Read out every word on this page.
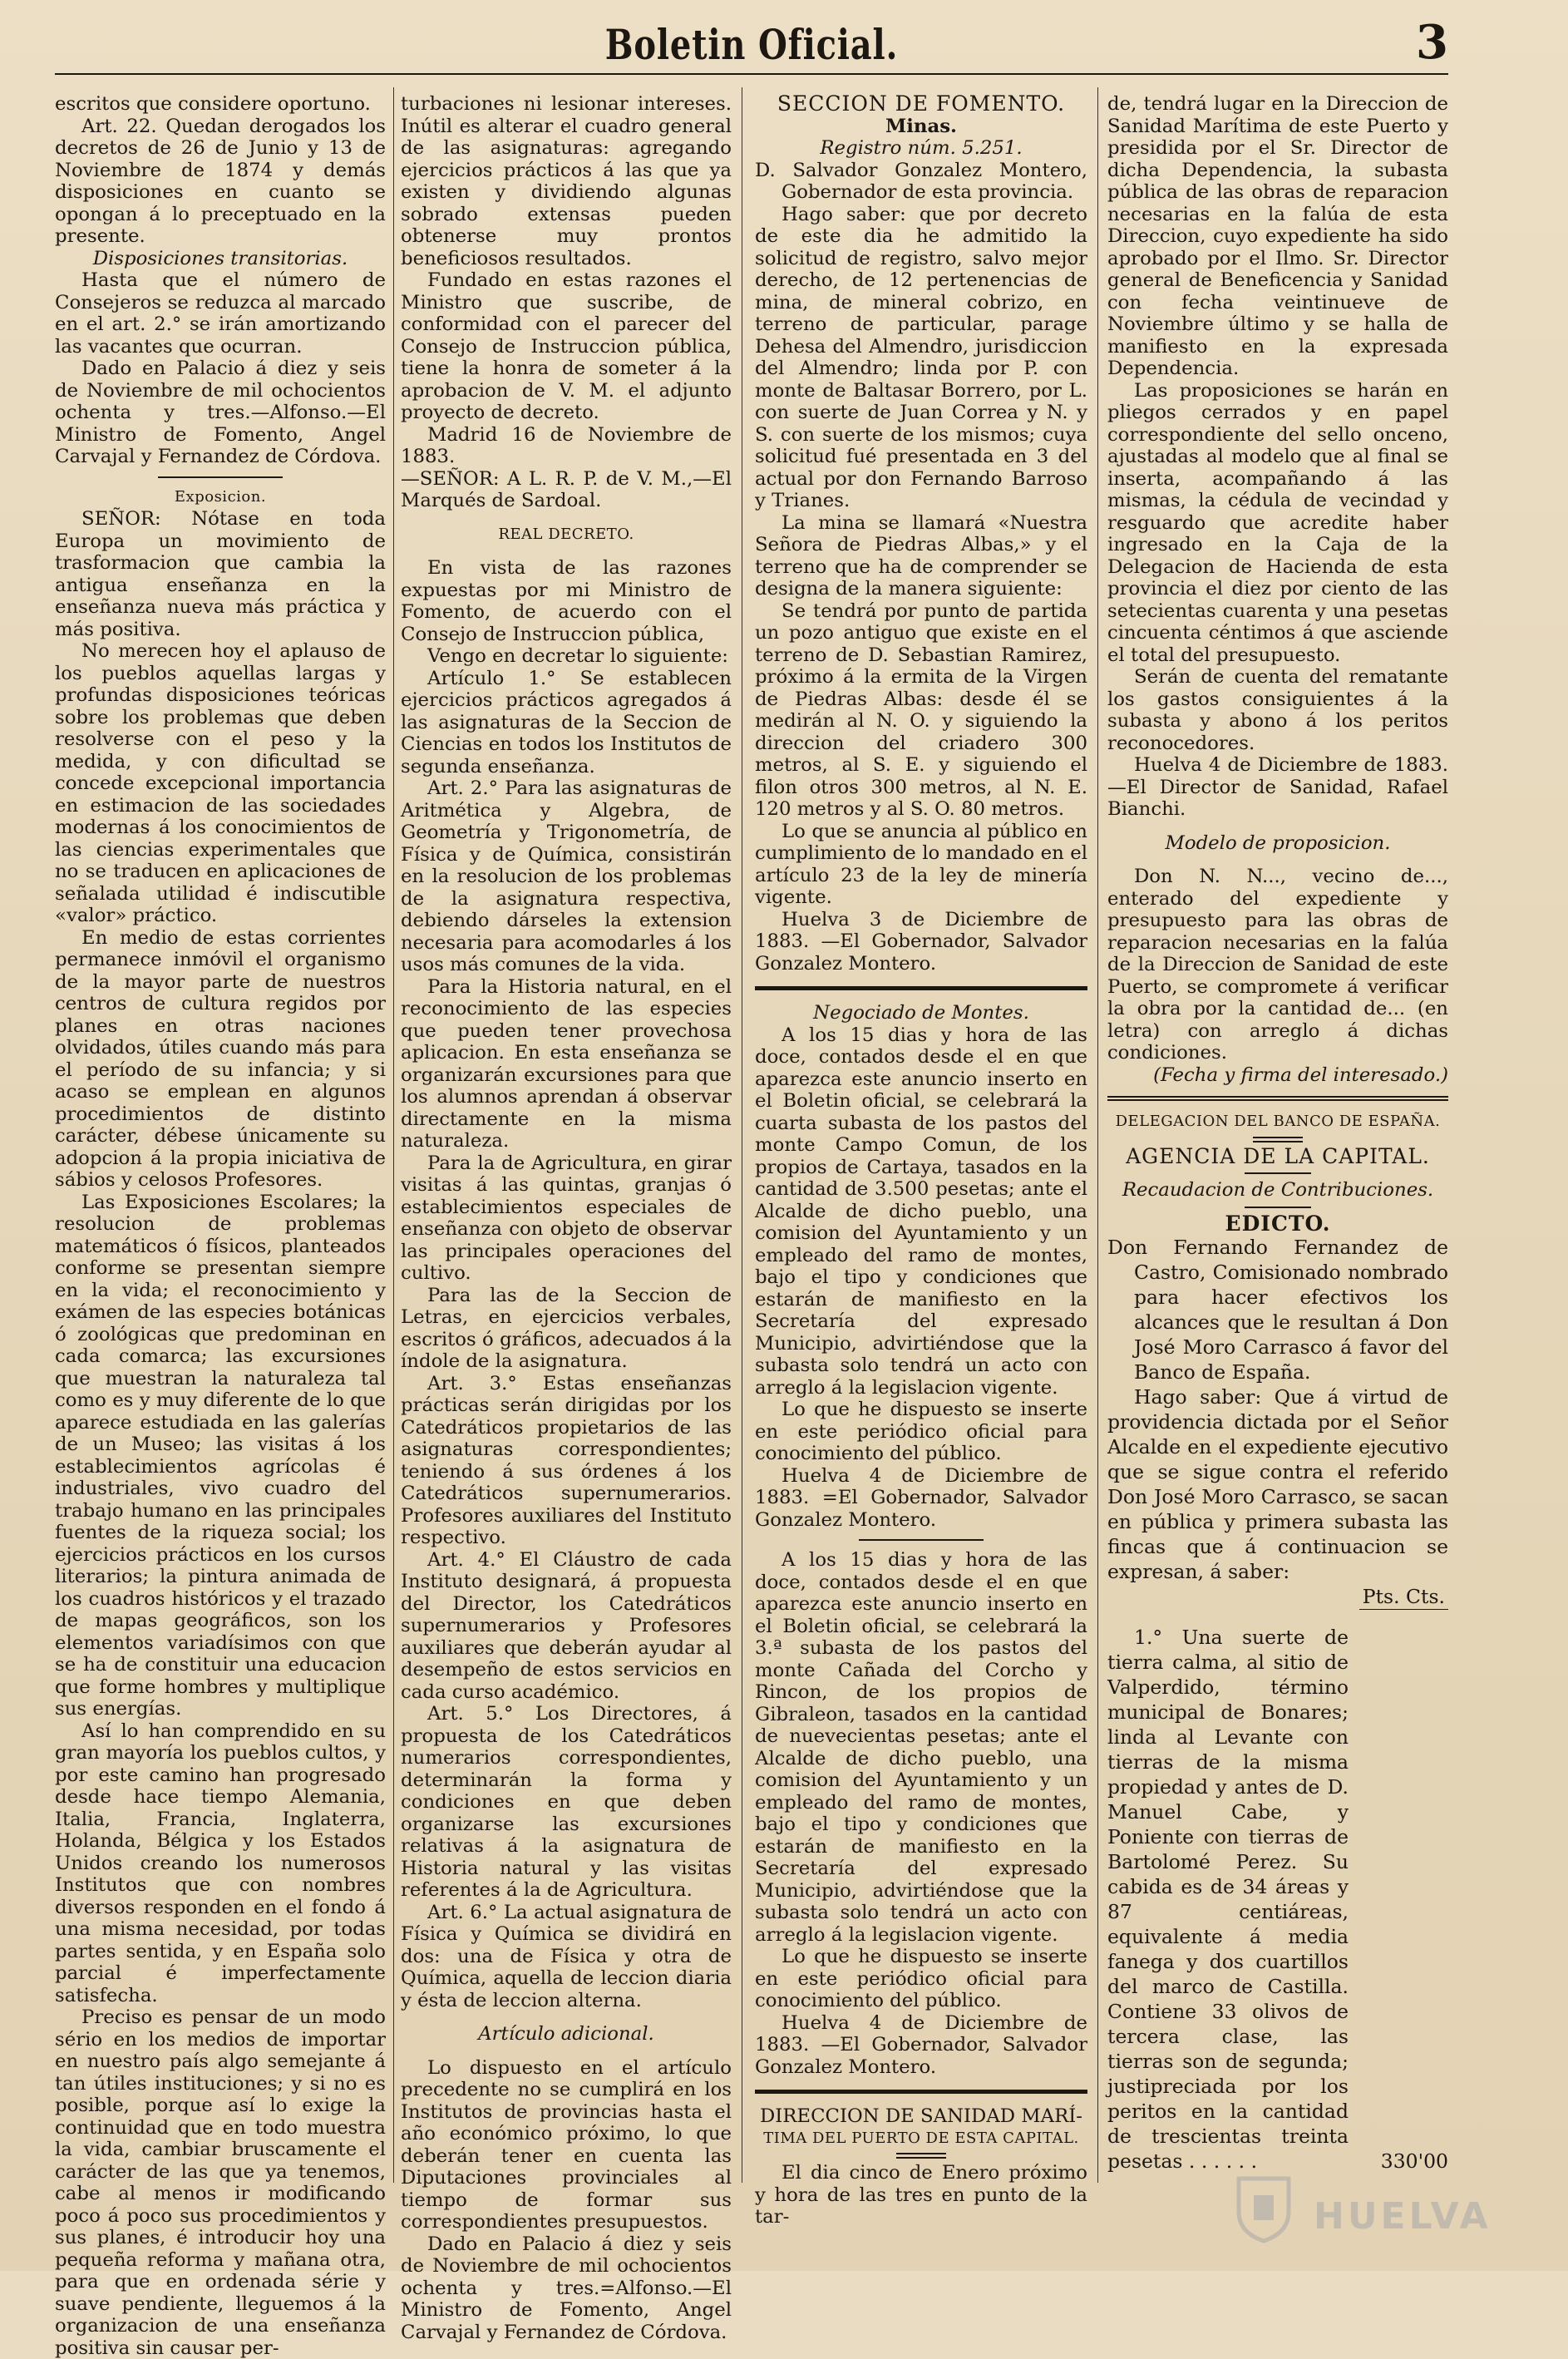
Boletin Oficial.	3

escritos que considere oportuno.

Art. 22. Quedan derogados los decretos de 26 de Junio y 13 de Noviembre de 1874 y demás disposiciones en cuanto se opongan á lo preceptuado en la presente.

Disposiciones transitorias.

Hasta que el número de Consejeros se reduzca al marcado en el art. 2.° se irán amortizando las vacantes que ocurran.

Dado en Palacio á diez y seis de Noviembre de mil ochocientos ochenta y tres.—Alfonso.—El Ministro de Fomento, Angel Carvajal y Fernandez de Córdova.

Exposicion.

SEÑOR: Nótase en toda Europa un movimiento de trasformacion que cambia la antigua enseñanza en la enseñanza nueva más práctica y más positiva.

No merecen hoy el aplauso de los pueblos aquellas largas y profundas disposiciones teóricas sobre los problemas que deben resolverse con el peso y la medida, y con dificultad se concede excepcional importancia en estimacion de las sociedades modernas á los conocimientos de las ciencias experimentales que no se traducen en aplicaciones de señalada utilidad é indiscutible «valor» práctico.

En medio de estas corrientes permanece inmóvil el organismo de la mayor parte de nuestros centros de cultura regidos por planes en otras naciones olvidados, útiles cuando más para el período de su infancia; y si acaso se emplean en algunos procedimientos de distinto carácter, débese únicamente su adopcion á la propia iniciativa de sábios y celosos Profesores.

Las Exposiciones Escolares; la resolucion de problemas matemáticos ó físicos, planteados conforme se presentan siempre en la vida; el reconocimiento y exámen de las especies botánicas ó zoológicas que predominan en cada comarca; las excursiones que muestran la naturaleza tal como es y muy diferente de lo que aparece estudiada en las galerías de un Museo; las visitas á los establecimientos agrícolas é industriales, vivo cuadro del trabajo humano en las principales fuentes de la riqueza social; los ejercicios prácticos en los cursos literarios; la pintura animada de los cuadros históricos y el trazado de mapas geográficos, son los elementos variadísimos con que se ha de constituir una educacion que forme hombres y multiplique sus energías.

Así lo han comprendido en su gran mayoría los pueblos cultos, y por este camino han progresado desde hace tiempo Alemania, Italia, Francia, Inglaterra, Holanda, Bélgica y los Estados Unidos creando los numerosos Institutos que con nombres diversos responden en el fondo á una misma necesidad, por todas partes sentida, y en España solo parcial é imperfectamente satisfecha.

Preciso es pensar de un modo sério en los medios de importar en nuestro país algo semejante á tan útiles instituciones; y si no es posible, porque así lo exige la continuidad que en todo muestra la vida, cambiar bruscamente el carácter de las que ya tenemos, cabe al menos ir modificando poco á poco sus procedimientos y sus planes, é introducir hoy una pequeña reforma y mañana otra, para que en ordenada série y suave pendiente, lleguemos á la organizacion de una enseñanza positiva sin causar per-

turbaciones ni lesionar intereses. Inútil es alterar el cuadro general de las asignaturas: agregando ejercicios prácticos á las que ya existen y dividiendo algunas sobrado extensas pueden obtenerse muy prontos beneficiosos resultados.

Fundado en estas razones el Ministro que suscribe, de conformidad con el parecer del Consejo de Instruccion pública, tiene la honra de someter á la aprobacion de V. M. el adjunto proyecto de decreto.

Madrid 16 de Noviembre de 1883.

—SEÑOR: A L. R. P. de V. M.,—El Marqués de Sardoal.

REAL DECRETO.

En vista de las razones expuestas por mi Ministro de Fomento, de acuerdo con el Consejo de Instruccion pública,

Vengo en decretar lo siguiente:

Artículo 1.° Se establecen ejercicios prácticos agregados á las asignaturas de la Seccion de Ciencias en todos los Institutos de segunda enseñanza.

Art. 2.° Para las asignaturas de Aritmética y Algebra, de Geometría y Trigonometría, de Física y de Química, consistirán en la resolucion de los problemas de la asignatura respectiva, debiendo dárseles la extension necesaria para acomodarles á los usos más comunes de la vida.

Para la Historia natural, en el reconocimiento de las especies que pueden tener provechosa aplicacion. En esta enseñanza se organizarán excursiones para que los alumnos aprendan á observar directamente en la misma naturaleza.

Para la de Agricultura, en girar visitas á las quintas, granjas ó establecimientos especiales de enseñanza con objeto de observar las principales operaciones del cultivo.

Para las de la Seccion de Letras, en ejercicios verbales, escritos ó gráficos, adecuados á la índole de la asignatura.

Art. 3.° Estas enseñanzas prácticas serán dirigidas por los Catedráticos propietarios de las asignaturas correspondientes; teniendo á sus órdenes á los Catedráticos supernumerarios. Profesores auxiliares del Instituto respectivo.

Art. 4.° El Cláustro de cada Instituto designará, á propuesta del Director, los Catedráticos supernumerarios y Profesores auxiliares que deberán ayudar al desempeño de estos servicios en cada curso académico.

Art. 5.° Los Directores, á propuesta de los Catedráticos numerarios correspondientes, determinarán la forma y condiciones en que deben organizarse las excursiones relativas á la asignatura de Historia natural y las visitas referentes á la de Agricultura.

Art. 6.° La actual asignatura de Física y Química se dividirá en dos: una de Física y otra de Química, aquella de leccion diaria y ésta de leccion alterna.

Artículo adicional.

Lo dispuesto en el artículo precedente no se cumplirá en los Institutos de provincias hasta el año económico próximo, lo que deberán tener en cuenta las Diputaciones provinciales al tiempo de formar sus correspondientes presupuestos.

Dado en Palacio á diez y seis de Noviembre de mil ochocientos ochenta y tres.=Alfonso.—El Ministro de Fomento, Angel Carvajal y Fernandez de Córdova.

SECCION DE FOMENTO.

Minas.

Registro núm. 5.251.

D. Salvador Gonzalez Montero, Gobernador de esta provincia.

Hago saber: que por decreto de este dia he admitido la solicitud de registro, salvo mejor derecho, de 12 pertenencias de mina, de mineral cobrizo, en terreno de particular, parage Dehesa del Almendro, jurisdiccion del Almendro; linda por P. con monte de Baltasar Borrero, por L. con suerte de Juan Correa y N. y S. con suerte de los mismos; cuya solicitud fué presentada en 3 del actual por don Fernando Barroso y Trianes.

La mina se llamará «Nuestra Señora de Piedras Albas,» y el terreno que ha de comprender se designa de la manera siguiente:

Se tendrá por punto de partida un pozo antiguo que existe en el terreno de D. Sebastian Ramirez, próximo á la ermita de la Virgen de Piedras Albas: desde él se medirán al N. O. y siguiendo la direccion del criadero 300 metros, al S. E. y siguiendo el filon otros 300 metros, al N. E. 120 metros y al S. O. 80 metros.

Lo que se anuncia al público en cumplimiento de lo mandado en el artículo 23 de la ley de minería vigente.

Huelva 3 de Diciembre de 1883. —El Gobernador, Salvador Gonzalez Montero.

Negociado de Montes.

A los 15 dias y hora de las doce, contados desde el en que aparezca este anuncio inserto en el Boletin oficial, se celebrará la cuarta subasta de los pastos del monte Campo Comun, de los propios de Cartaya, tasados en la cantidad de 3.500 pesetas; ante el Alcalde de dicho pueblo, una comision del Ayuntamiento y un empleado del ramo de montes, bajo el tipo y condiciones que estarán de manifiesto en la Secretaría del expresado Municipio, advirtiéndose que la subasta solo tendrá un acto con arreglo á la legislacion vigente.

Lo que he dispuesto se inserte en este periódico oficial para conocimiento del público.

Huelva 4 de Diciembre de 1883. =El Gobernador, Salvador Gonzalez Montero.

A los 15 dias y hora de las doce, contados desde el en que aparezca este anuncio inserto en el Boletin oficial, se celebrará la 3.ª subasta de los pastos del monte Cañada del Corcho y Rincon, de los propios de Gibraleon, tasados en la cantidad de nuevecientas pesetas; ante el Alcalde de dicho pueblo, una comision del Ayuntamiento y un empleado del ramo de montes, bajo el tipo y condiciones que estarán de manifiesto en la Secretaría del expresado Municipio, advirtiéndose que la subasta solo tendrá un acto con arreglo á la legislacion vigente.

Lo que he dispuesto se inserte en este periódico oficial para conocimiento del público.

Huelva 4 de Diciembre de 1883. —El Gobernador, Salvador Gonzalez Montero.

DIRECCION DE SANIDAD MARÍ-

TIMA DEL PUERTO DE ESTA CAPITAL.

El dia cinco de Enero próximo y hora de las tres en punto de la tar-

de, tendrá lugar en la Direccion de Sanidad Marítima de este Puerto y presidida por el Sr. Director de dicha Dependencia, la subasta pública de las obras de reparacion necesarias en la falúa de esta Direccion, cuyo expediente ha sido aprobado por el Ilmo. Sr. Director general de Beneficencia y Sanidad con fecha veintinueve de Noviembre último y se halla de manifiesto en la expresada Dependencia.

Las proposiciones se harán en pliegos cerrados y en papel correspondiente del sello onceno, ajustadas al modelo que al final se inserta, acompañando á las mismas, la cédula de vecindad y resguardo que acredite haber ingresado en la Caja de la Delegacion de Hacienda de esta provincia el diez por ciento de las setecientas cuarenta y una pesetas cincuenta céntimos á que asciende el total del presupuesto.

Serán de cuenta del rematante los gastos consiguientes á la subasta y abono á los peritos reconocedores.

Huelva 4 de Diciembre de 1883. —El Director de Sanidad, Rafael Bianchi.

Modelo de proposicion.

Don N. N..., vecino de..., enterado del expediente y presupuesto para las obras de reparacion necesarias en la falúa de la Direccion de Sanidad de este Puerto, se compromete á verificar la obra por la cantidad de... (en letra) con arreglo á dichas condiciones.

(Fecha y firma del interesado.)

DELEGACION DEL BANCO DE ESPAÑA.

AGENCIA DE LA CAPITAL.

Recaudacion de Contribuciones.

EDICTO.

Don Fernando Fernandez de Castro, Comisionado nombrado para hacer efectivos los alcances que le resultan á Don José Moro Carrasco á favor del Banco de España.

Hago saber: Que á virtud de providencia dictada por el Señor Alcalde en el expediente ejecutivo que se sigue contra el referido Don José Moro Carrasco, se sacan en pública y primera subasta las fincas que á continuacion se expresan, á saber:

Pts. Cts.

1.° Una suerte de tierra calma, al sitio de Valperdido, término municipal de Bonares; linda al Levante con tierras de la misma propiedad y antes de D. Manuel Cabe, y Poniente con tierras de Bartolomé Perez. Su cabida es de 34 áreas y 87 centiáreas, equivalente á media fanega y dos cuartillos del marco de Castilla. Contiene 33 olivos de tercera clase, las tierras son de segunda; justipreciada por los peritos en la cantidad de trescientas treinta pesetas . . . . . .	330'00

HUELVA
